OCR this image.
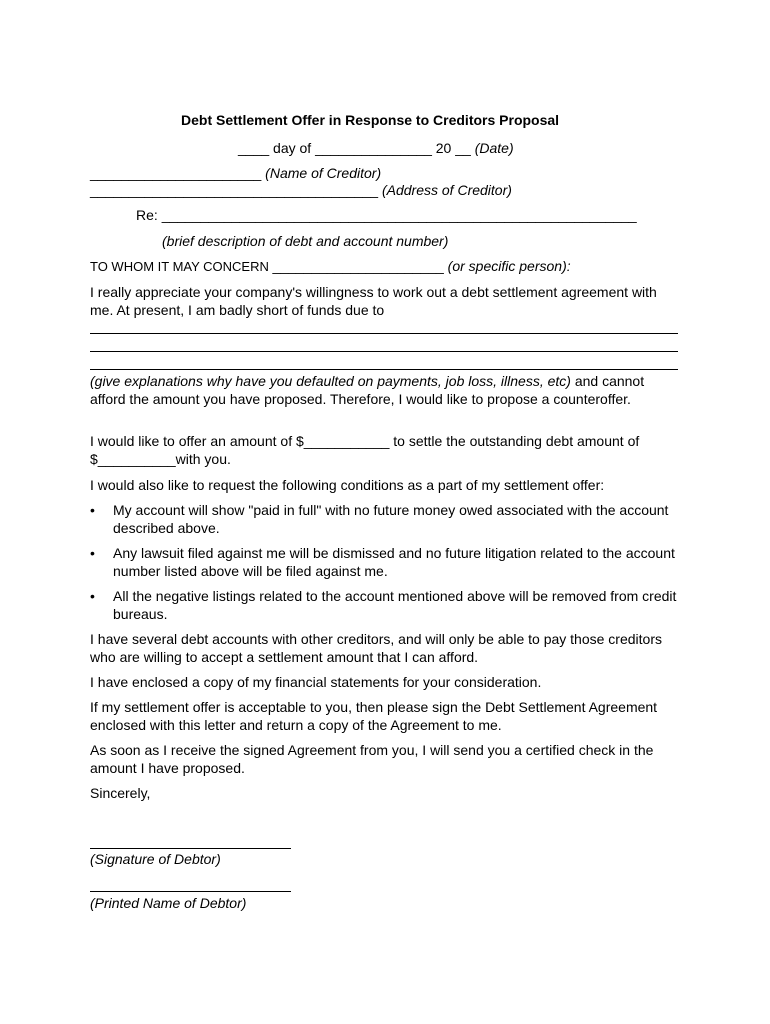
Debt Settlement Offer in Response to Creditors Proposal
____ day of _______________ 20 __ (Date)
______________________ (Name of Creditor)
_____________________________________ (Address of Creditor)
Re: _____________________________________________________________
(brief description of debt and account number)
TO WHOM IT MAY CONCERN ______________________ (or specific person):
I really appreciate your company's willingness to work out a debt settlement agreement with me. At present, I am badly short of funds due to
(give explanations why have you defaulted on payments, job loss, illness, etc) and cannot afford the amount you have proposed. Therefore, I would like to propose a counteroffer.
I would like to offer an amount of $___________ to settle the outstanding debt amount of $__________with you.
I would also like to request the following conditions as a part of my settlement offer:
• My account will show "paid in full" with no future money owed associated with the account described above.
• Any lawsuit filed against me will be dismissed and no future litigation related to the account number listed above will be filed against me.
• All the negative listings related to the account mentioned above will be removed from credit bureaus.
I have several debt accounts with other creditors, and will only be able to pay those creditors who are willing to accept a settlement amount that I can afford.
I have enclosed a copy of my financial statements for your consideration.
If my settlement offer is acceptable to you, then please sign the Debt Settlement Agreement enclosed with this letter and return a copy of the Agreement to me.
As soon as I receive the signed Agreement from you, I will send you a certified check in the amount I have proposed.
Sincerely,
(Signature of Debtor)
(Printed Name of Debtor)
